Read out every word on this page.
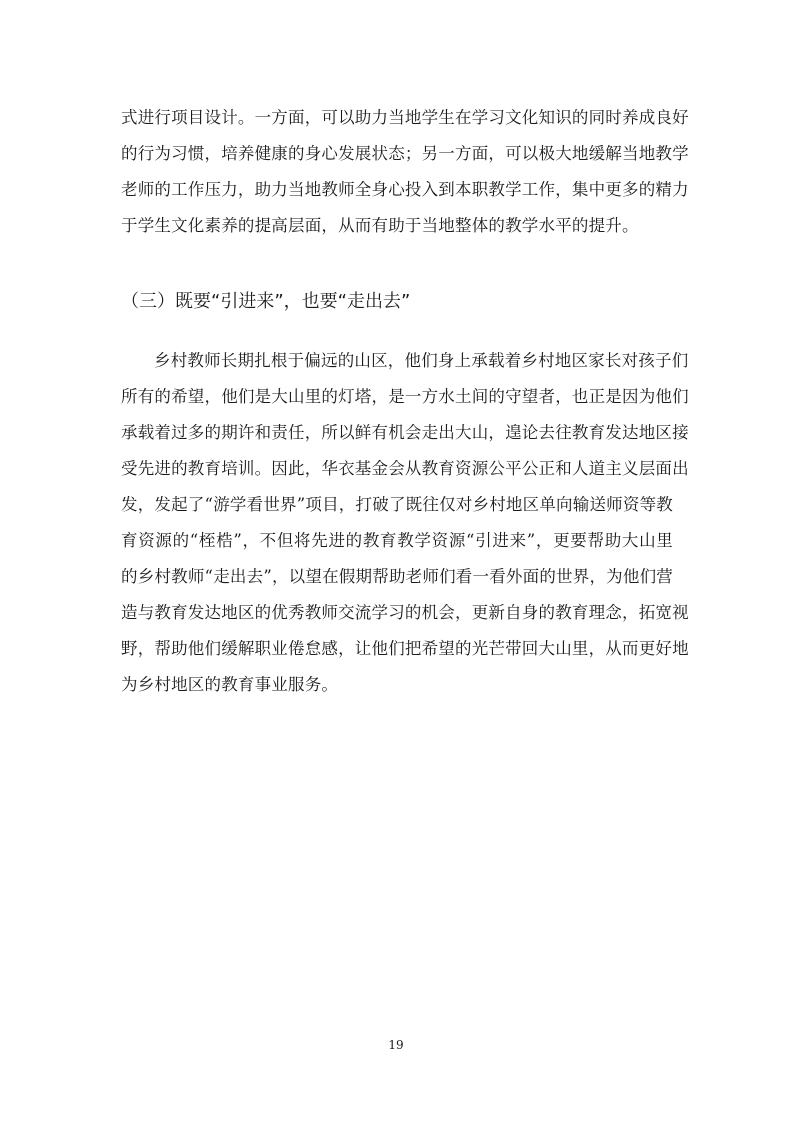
式进行项目设计。一方面，可以助力当地学生在学习文化知识的同时养成良好
的行为习惯，培养健康的身心发展状态；另一方面，可以极大地缓解当地教学
老师的工作压力，助力当地教师全身心投入到本职教学工作，集中更多的精力
于学生文化素养的提高层面，从而有助于当地整体的教学水平的提升。
（三）既要“引进来”，也要“走出去”
乡村教师长期扎根于偏远的山区，他们身上承载着乡村地区家长对孩子们
所有的希望，他们是大山里的灯塔，是一方水土间的守望者，也正是因为他们
承载着过多的期许和责任，所以鲜有机会走出大山，遑论去往教育发达地区接
受先进的教育培训。因此，华衣基金会从教育资源公平公正和人道主义层面出
发，发起了“游学看世界”项目，打破了既往仅对乡村地区单向输送师资等教
育资源的“桎梏”，不但将先进的教育教学资源“引进来”，更要帮助大山里
的乡村教师“走出去”，以望在假期帮助老师们看一看外面的世界，为他们营
造与教育发达地区的优秀教师交流学习的机会，更新自身的教育理念，拓宽视
野，帮助他们缓解职业倦怠感，让他们把希望的光芒带回大山里，从而更好地
为乡村地区的教育事业服务。
19
